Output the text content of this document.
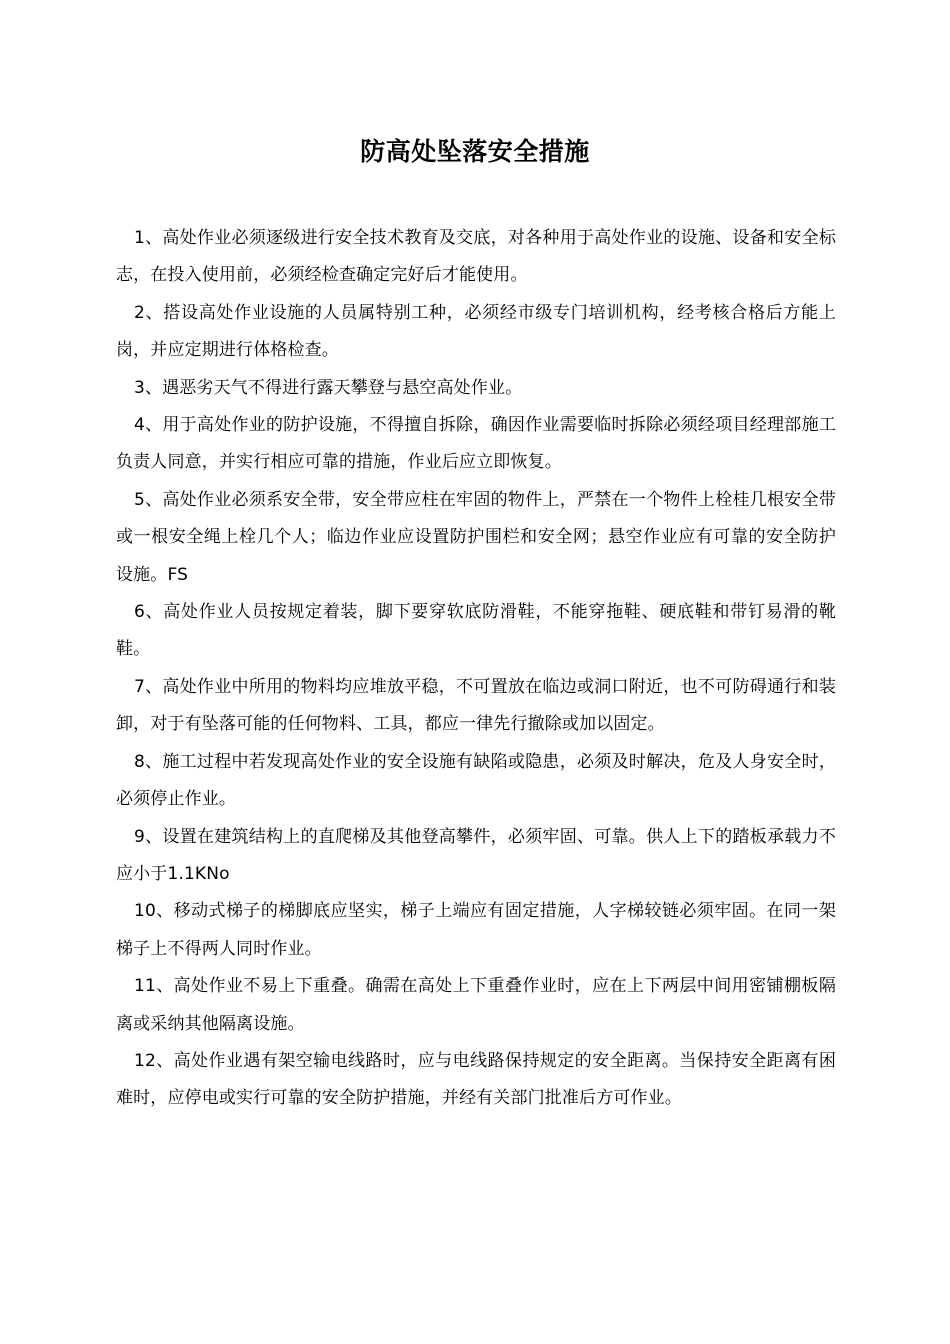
防高处坠落安全措施

1、高处作业必须逐级进行安全技术教育及交底，对各种用于高处作业的设施、设备和安全标志，在投入使用前，必须经检查确定完好后才能使用。

2、搭设高处作业设施的人员属特别工种，必须经市级专门培训机构，经考核合格后方能上岗，并应定期进行体格检查。

3、遇恶劣天气不得进行露天攀登与悬空高处作业。

4、用于高处作业的防护设施，不得擅自拆除，确因作业需要临时拆除必须经项目经理部施工负责人同意，并实行相应可靠的措施，作业后应立即恢复。

5、高处作业必须系安全带，安全带应柱在牢固的物件上，严禁在一个物件上栓桂几根安全带或一根安全绳上栓几个人；临边作业应设置防护围栏和安全网；悬空作业应有可靠的安全防护设施。FS

6、高处作业人员按规定着装，脚下要穿软底防滑鞋，不能穿拖鞋、硬底鞋和带钉易滑的靴鞋。

7、高处作业中所用的物料均应堆放平稳，不可置放在临边或洞口附近，也不可防碍通行和装卸，对于有坠落可能的任何物料、工具，都应一律先行撤除或加以固定。

8、施工过程中若发现高处作业的安全设施有缺陷或隐患，必须及时解决，危及人身安全时，必须停止作业。

9、设置在建筑结构上的直爬梯及其他登高攀件，必须牢固、可靠。供人上下的踏板承载力不应小于1.1KNo

10、移动式梯子的梯脚底应坚实，梯子上端应有固定措施，人字梯较链必须牢固。在同一架梯子上不得两人同时作业。

11、高处作业不易上下重叠。确需在高处上下重叠作业时，应在上下两层中间用密铺棚板隔离或采纳其他隔离设施。

12、高处作业遇有架空输电线路时，应与电线路保持规定的安全距离。当保持安全距离有困难时，应停电或实行可靠的安全防护措施，并经有关部门批准后方可作业。
